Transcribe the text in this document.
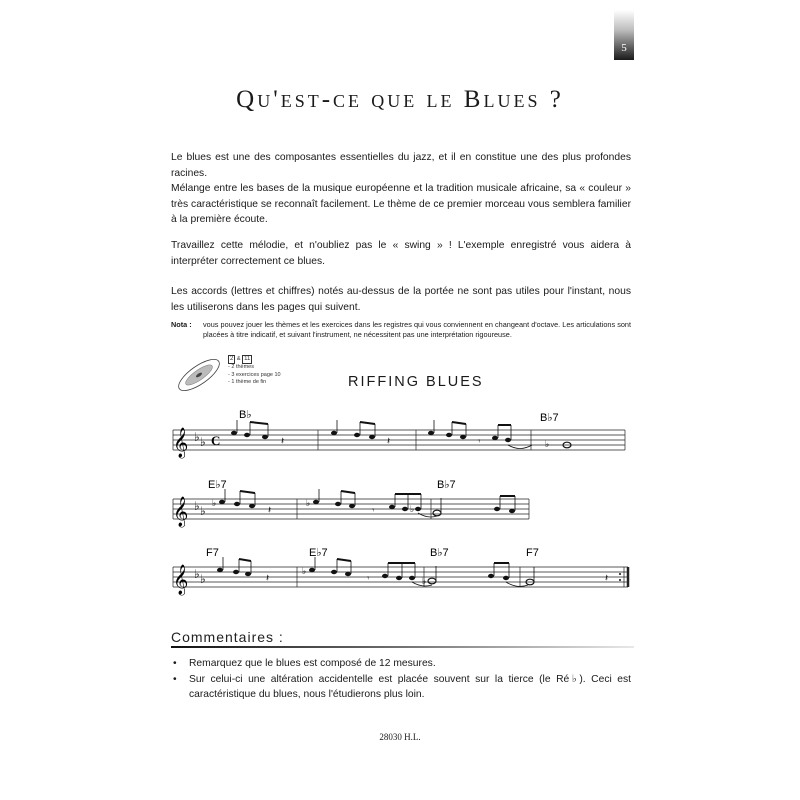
5
Qu'est-ce que le Blues ?

Le blues est une des composantes essentielles du jazz, et il en constitue une des plus profondes racines.
Mélange entre les bases de la musique européenne et la tradition musicale africaine, sa « couleur » très caractéristique se reconnaît facilement. Le thème de ce premier morceau vous semblera familier à la première écoute.

Travaillez cette mélodie, et n'oubliez pas le « swing » ! L'exemple enregistré vous aidera à interpréter correctement ce blues.

Les accords (lettres et chiffres) notés au-dessus de la portée ne sont pas utiles pour l'instant, nous les utiliserons dans les pages qui suivent.

Nota : vous pouvez jouer les thèmes et les exercices dans les registres qui vous conviennent en changeant d'octave. Les articulations sont placées à titre indicatif, et suivant l'instrument, ne nécessitent pas une interprétation rigoureuse.
2 & 11
- 2 thèmes
- 3 exercices page 10
- 1 thème de fin	RIFFING BLUES
𝄞 ♭ ♭ C	𝄽	𝄽	𝄾	♭
B♭	B♭7
𝄞 ♭ ♭ ♭
𝄽	𝄾
♭
♭
E♭7	B♭7
𝄞 ♭ ♭	𝄽	𝄾	𝄽
♭
♭
F7	E♭7	B♭7	F7
Commentaires :
• Remarquez que le blues est composé de 12 mesures.
• Sur celui-ci une altération accidentelle est placée souvent sur la tierce (le Ré♭). Ceci est caractéristique du blues, nous l'étudierons plus loin.
28030 H.L.
